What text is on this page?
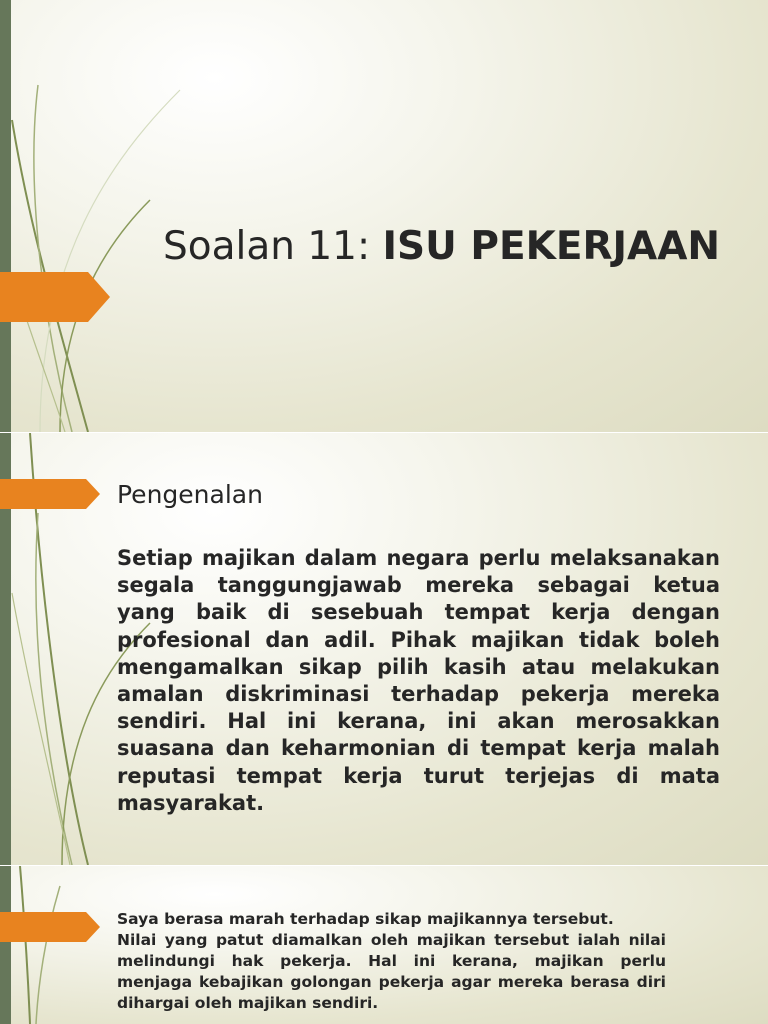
Soalan 11: ISU PEKERJAAN
Pengenalan

Setiap majikan dalam negara perlu melaksanakan segala tanggungjawab mereka sebagai ketua yang baik di sesebuah tempat kerja dengan profesional dan adil. Pihak majikan tidak boleh mengamalkan sikap pilih kasih atau melakukan amalan diskriminasi terhadap pekerja mereka sendiri. Hal ini kerana, ini akan merosakkan suasana dan keharmonian di tempat kerja malah reputasi tempat kerja turut terjejas di mata masyarakat.

Saya berasa marah terhadap sikap majikannya tersebut.
Nilai yang patut diamalkan oleh majikan tersebut ialah nilai melindungi hak pekerja. Hal ini kerana, majikan perlu menjaga kebajikan golongan pekerja agar mereka berasa diri dihargai oleh majikan sendiri.
